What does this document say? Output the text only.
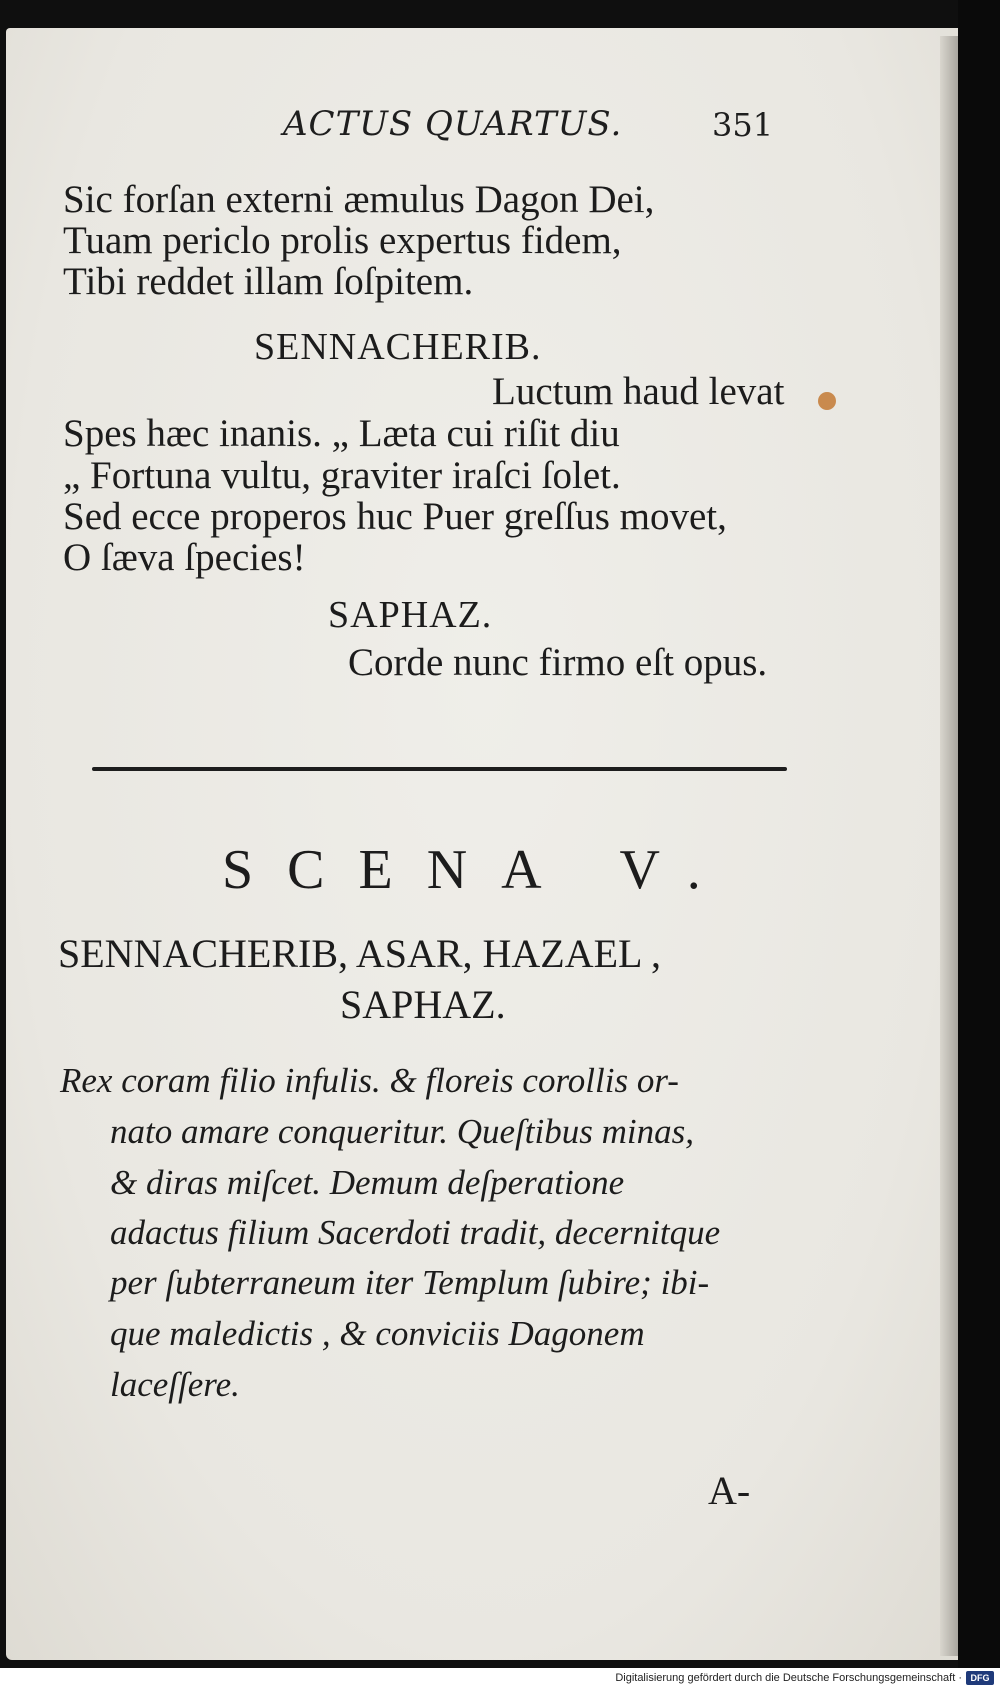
ACTUS QUARTUS.	351
Sic forſan externi æmulus Dagon Dei,
Tuam periclo prolis expertus fidem,
Tibi reddet illam ſoſpitem.
SENNACHERIB.
Luctum haud levat
Spes hæc inanis. „ Læta cui riſit diu
„ Fortuna vultu, graviter iraſci ſolet.
Sed ecce properos huc Puer greſſus movet,
O ſæva ſpecies!
SAPHAZ.
Corde nunc firmo eſt opus.
SCENA V.
SENNACHERIB, ASAR, HAZAEL ,
SAPHAZ.
Rex coram filio infulis. & floreis corollis or-
nato amare conqueritur. Queſtibus minas,
& diras miſcet. Demum deſperatione
adactus filium Sacerdoti tradit, decernitque
per ſubterraneum iter Templum ſubire; ibi-
que maledictis , & conviciis Dagonem
laceſſere.
A-
Digitalisierung gefördert durch die Deutsche Forschungsgemeinschaft · DFG
